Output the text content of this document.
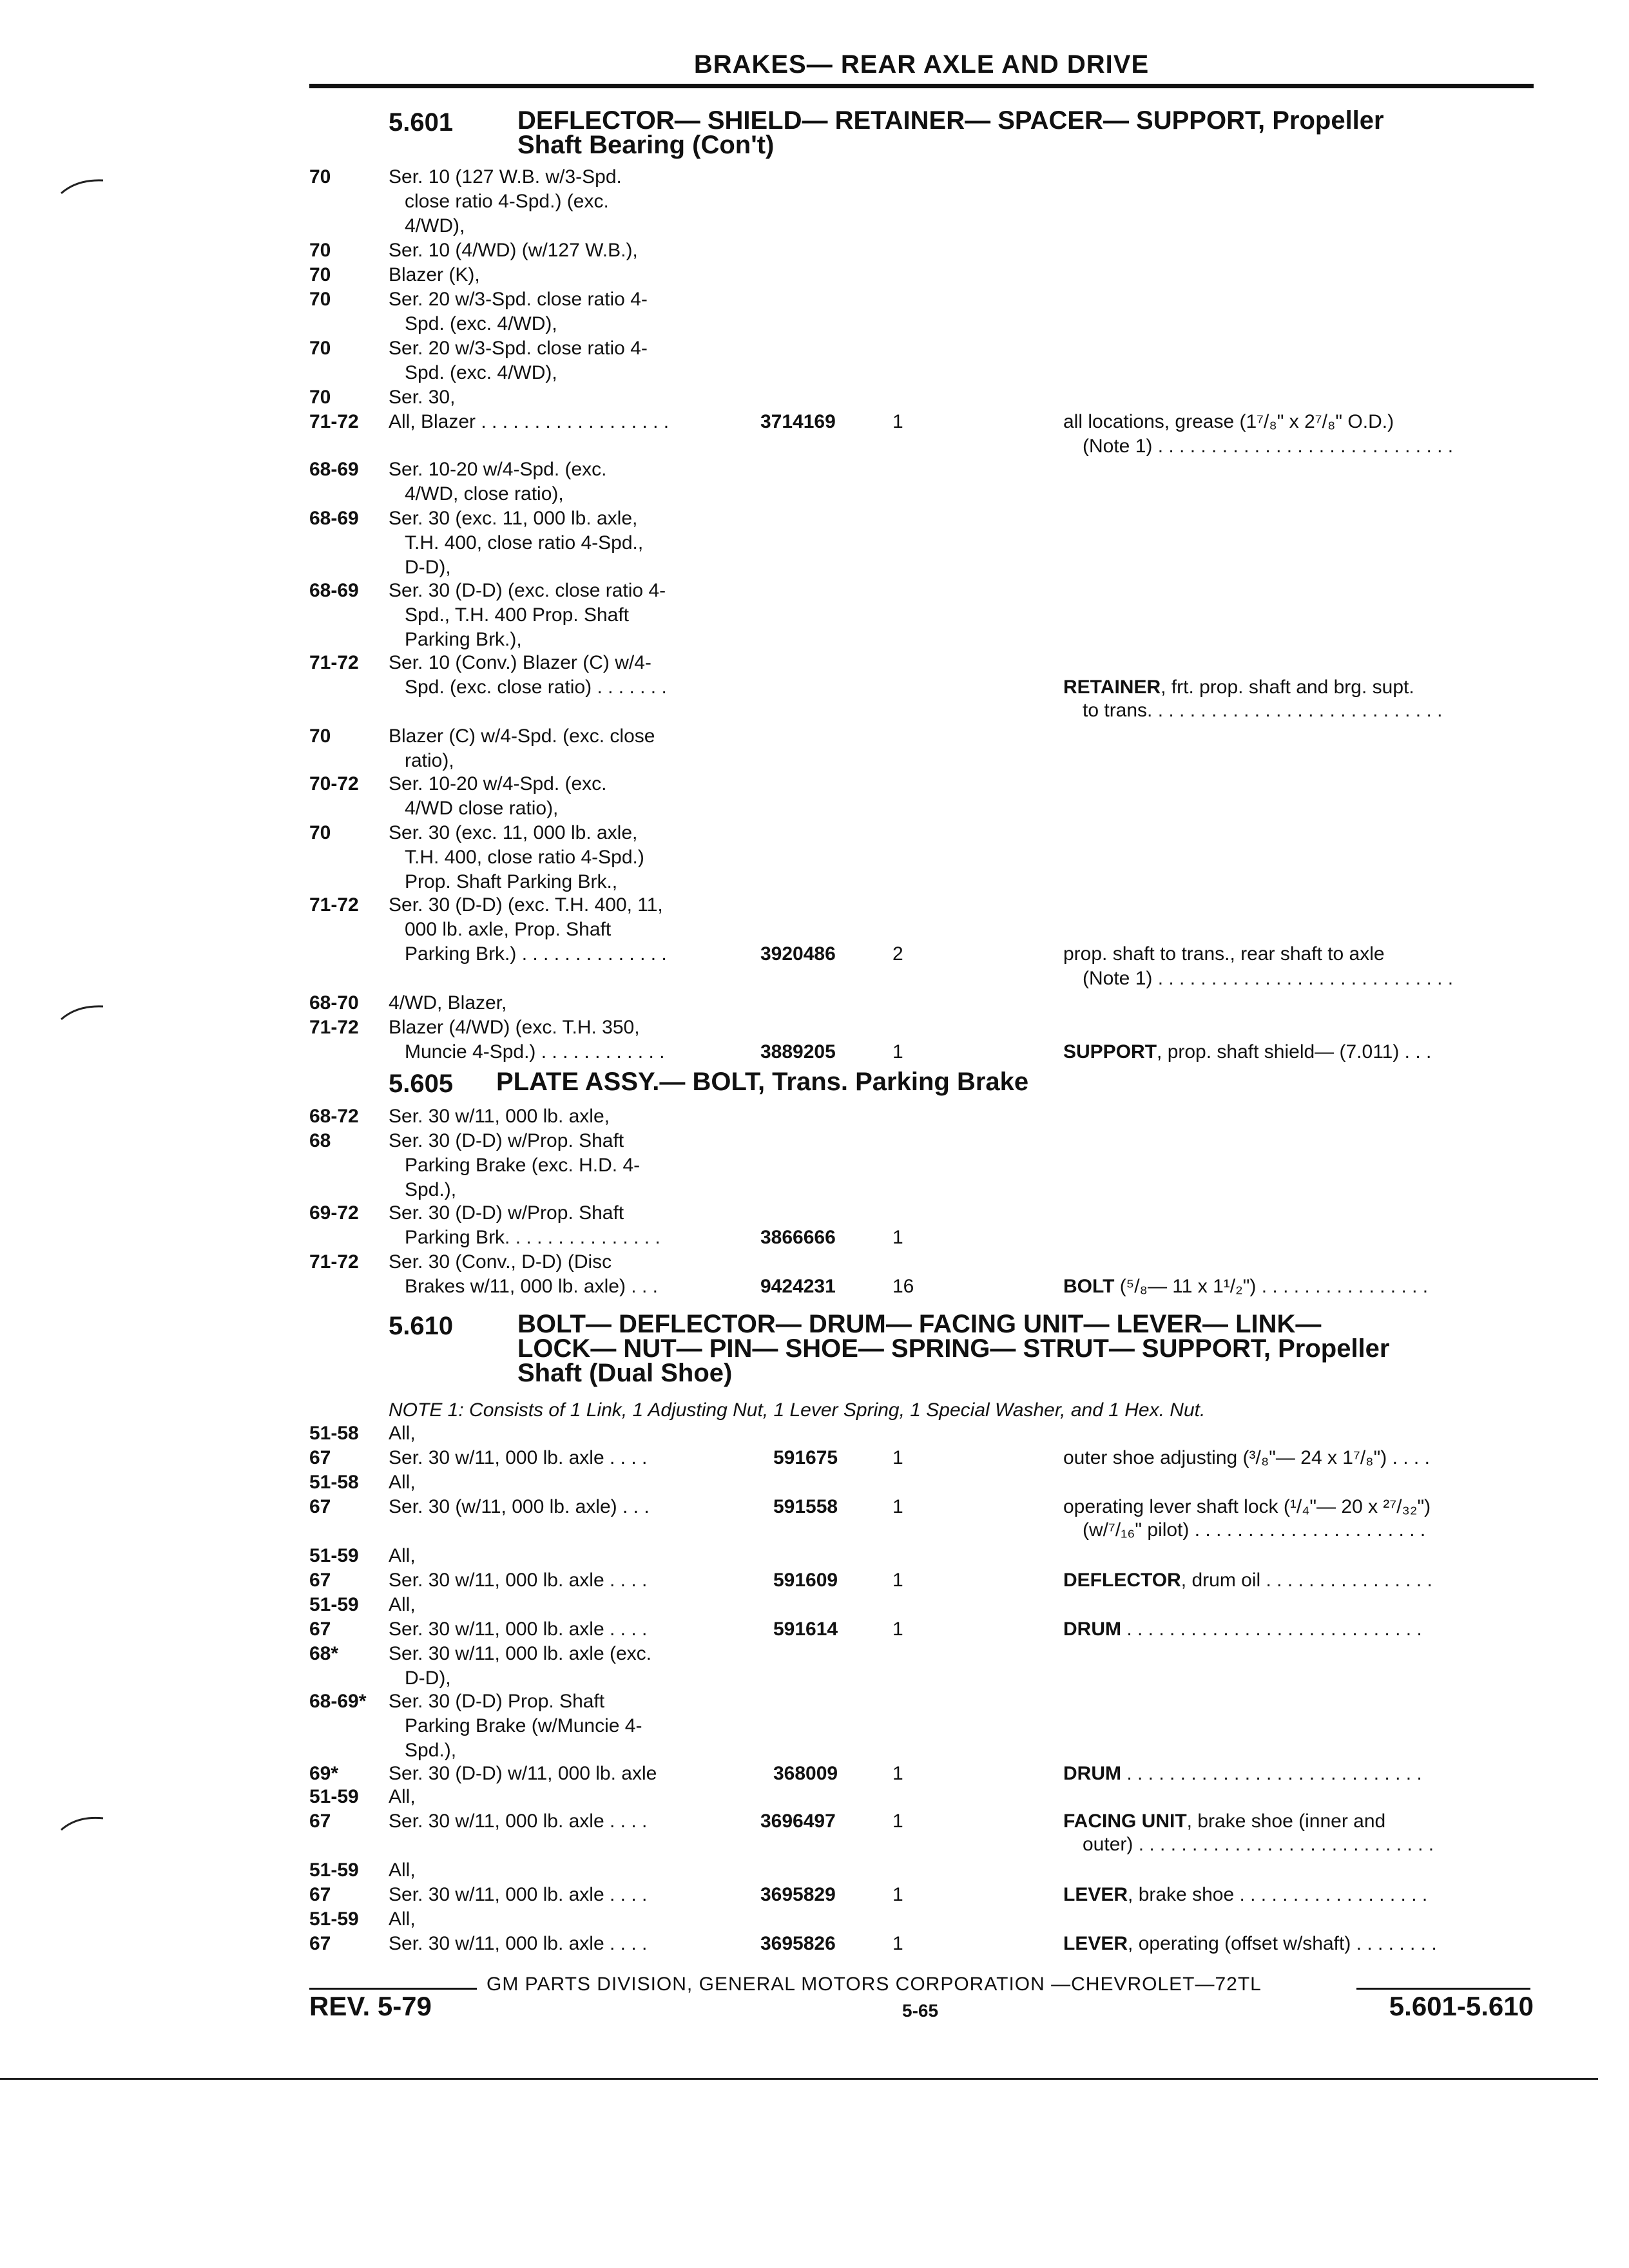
BRAKES— REAR AXLE AND DRIVE
5.601 DEFLECTOR— SHIELD— RETAINER— SPACER— SUPPORT, Propeller
Shaft Bearing (Con't)
70	Ser. 10 (127 W.B. w/3-Spd.
close ratio 4-Spd.) (exc.
4/WD),
70	Ser. 10 (4/WD) (w/127 W.B.),
70	Blazer (K),
70	Ser. 20 w/3-Spd. close ratio 4-
Spd. (exc. 4/WD),
70	Ser. 20 w/3-Spd. close ratio 4-
Spd. (exc. 4/WD),
70	Ser. 30,
71-72 All, Blazer . . . . . . . . . . . . . . . . . .	3714169	1	all locations, grease (1⁷/₈" x 2⁷/₈" O.D.)
(Note 1) . . . . . . . . . . . . . . . . . . . . . . . . . . . .
68-69 Ser. 10-20 w/4-Spd. (exc.
4/WD, close ratio),
68-69 Ser. 30 (exc. 11, 000 lb. axle,
T.H. 400, close ratio 4-Spd.,
D-D),
68-69 Ser. 30 (D-D) (exc. close ratio 4-
Spd., T.H. 400 Prop. Shaft
Parking Brk.),
71-72 Ser. 10 (Conv.) Blazer (C) w/4-
Spd. (exc. close ratio) . . . . . . .	RETAINER, frt. prop. shaft and brg. supt.
to trans. . . . . . . . . . . . . . . . . . . . . . . . . . . .
70	Blazer (C) w/4-Spd. (exc. close
ratio),
70-72 Ser. 10-20 w/4-Spd. (exc.
4/WD close ratio),
70	Ser. 30 (exc. 11, 000 lb. axle,
T.H. 400, close ratio 4-Spd.)
Prop. Shaft Parking Brk.,
71-72 Ser. 30 (D-D) (exc. T.H. 400, 11,
000 lb. axle, Prop. Shaft
Parking Brk.) . . . . . . . . . . . . . .	3920486	2	prop. shaft to trans., rear shaft to axle
(Note 1) . . . . . . . . . . . . . . . . . . . . . . . . . . . .
68-70 4/WD, Blazer,
71-72 Blazer (4/WD) (exc. T.H. 350,
Muncie 4-Spd.) . . . . . . . . . . . .	3889205	1	SUPPORT, prop. shaft shield— (7.011) . . .
5.605 PLATE ASSY.— BOLT, Trans. Parking Brake
68-72 Ser. 30 w/11, 000 lb. axle,
68	Ser. 30 (D-D) w/Prop. Shaft
Parking Brake (exc. H.D. 4-
Spd.),
69-72 Ser. 30 (D-D) w/Prop. Shaft
Parking Brk. . . . . . . . . . . . . . .	3866666	1
71-72 Ser. 30 (Conv., D-D) (Disc
Brakes w/11, 000 lb. axle) . . .	9424231	16	BOLT (⁵/₈— 11 x 1¹/₂") . . . . . . . . . . . . . . . .
5.610 BOLT— DEFLECTOR— DRUM— FACING UNIT— LEVER— LINK—
LOCK— NUT— PIN— SHOE— SPRING— STRUT— SUPPORT, Propeller
Shaft (Dual Shoe)
NOTE 1: Consists of 1 Link, 1 Adjusting Nut, 1 Lever Spring, 1 Special Washer, and 1 Hex. Nut.
51-58 All,
67	Ser. 30 w/11, 000 lb. axle . . . .	591675	1	outer shoe adjusting (³/₈"— 24 x 1⁷/₈") . . . .
51-58 All,
67	Ser. 30 (w/11, 000 lb. axle) . . .	591558	1	operating lever shaft lock (¹/₄"— 20 x ²⁷/₃₂")
(w/⁷/₁₆" pilot) . . . . . . . . . . . . . . . . . . . . . .
51-59 All,
67	Ser. 30 w/11, 000 lb. axle . . . .	591609	1	DEFLECTOR, drum oil . . . . . . . . . . . . . . . .
51-59 All,
67	Ser. 30 w/11, 000 lb. axle . . . .	591614	1	DRUM . . . . . . . . . . . . . . . . . . . . . . . . . . . .
68*	Ser. 30 w/11, 000 lb. axle (exc.
D-D),
68-69* Ser. 30 (D-D) Prop. Shaft
Parking Brake (w/Muncie 4-
Spd.),
69*	Ser. 30 (D-D) w/11, 000 lb. axle	368009	1	DRUM . . . . . . . . . . . . . . . . . . . . . . . . . . . .
51-59 All,
67	Ser. 30 w/11, 000 lb. axle . . . .	3696497	1	FACING UNIT, brake shoe (inner and
outer) . . . . . . . . . . . . . . . . . . . . . . . . . . . .
51-59 All,
67	Ser. 30 w/11, 000 lb. axle . . . .	3695829	1	LEVER, brake shoe . . . . . . . . . . . . . . . . . .
51-59 All,
67	Ser. 30 w/11, 000 lb. axle . . . .	3695826	1	LEVER, operating (offset w/shaft) . . . . . . . .
GM PARTS DIVISION, GENERAL MOTORS CORPORATION —CHEVROLET—72TL
REV. 5-79	5-65	5.601-5.610
